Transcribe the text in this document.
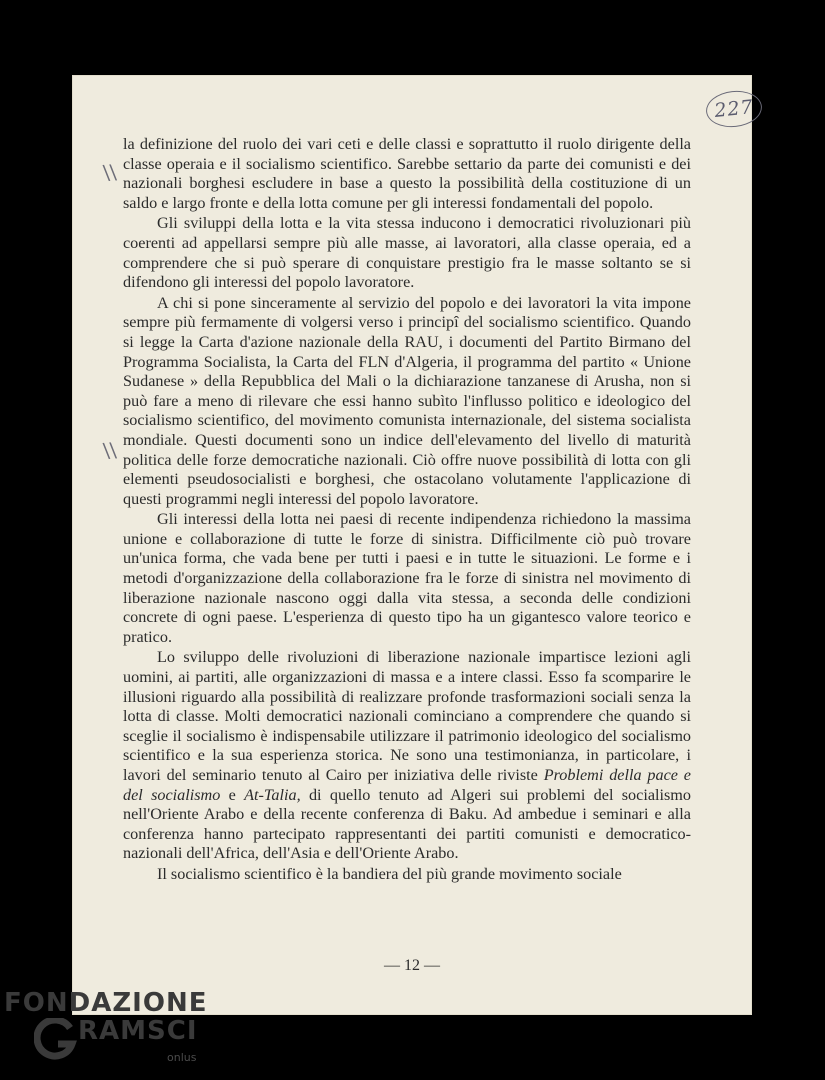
227
\\
\\

la definizione del ruolo dei vari ceti e delle classi e soprattutto il ruolo dirigente della classe operaia e il socialismo scientifico. Sarebbe settario da parte dei comunisti e dei nazionali borghesi escludere in base a questo la possibilità della costituzione di un saldo e largo fronte e della lotta comune per gli interessi fondamentali del popolo.

Gli sviluppi della lotta e la vita stessa inducono i democratici rivoluzionari più coerenti ad appellarsi sempre più alle masse, ai lavoratori, alla classe operaia, ed a comprendere che si può sperare di conquistare prestigio fra le masse soltanto se si difendono gli interessi del popolo lavoratore.

A chi si pone sinceramente al servizio del popolo e dei lavoratori la vita impone sempre più fermamente di volgersi verso i principî del socialismo scientifico. Quando si legge la Carta d'azione nazionale della RAU, i documenti del Partito Birmano del Programma Socialista, la Carta del FLN d'Algeria, il programma del partito « Unione Sudanese » della Repubblica del Mali o la dichiarazione tanzanese di Arusha, non si può fare a meno di rilevare che essi hanno subìto l'influsso politico e ideologico del socialismo scientifico, del movimento comunista internazionale, del sistema socialista mondiale. Questi documenti sono un indice dell'elevamento del livello di maturità politica delle forze democratiche nazionali. Ciò offre nuove possibilità di lotta con gli elementi pseudosocialisti e borghesi, che ostacolano volutamente l'applicazione di questi programmi negli interessi del popolo lavoratore.

Gli interessi della lotta nei paesi di recente indipendenza richiedono la massima unione e collaborazione di tutte le forze di sinistra. Difficilmente ciò può trovare un'unica forma, che vada bene per tutti i paesi e in tutte le situazioni. Le forme e i metodi d'organizzazione della collaborazione fra le forze di sinistra nel movimento di liberazione nazionale nascono oggi dalla vita stessa, a seconda delle condizioni concrete di ogni paese. L'esperienza di questo tipo ha un gigantesco valore teorico e pratico.

Lo sviluppo delle rivoluzioni di liberazione nazionale impartisce lezioni agli uomini, ai partiti, alle organizzazioni di massa e a intere classi. Esso fa scomparire le illusioni riguardo alla possibilità di realizzare profonde trasformazioni sociali senza la lotta di classe. Molti democratici nazionali cominciano a comprendere che quando si sceglie il socialismo è indispensabile utilizzare il patrimonio ideologico del socialismo scientifico e la sua esperienza storica. Ne sono una testimonianza, in particolare, i lavori del seminario tenuto al Cairo per iniziativa delle riviste Problemi della pace e del socialismo e At-Talia, di quello tenuto ad Algeri sui problemi del socialismo nell'Oriente Arabo e della recente conferenza di Baku. Ad ambedue i seminari e alla conferenza hanno partecipato rappresentanti dei partiti comunisti e democratico-nazionali dell'Africa, dell'Asia e dell'Oriente Arabo.

Il socialismo scientifico è la bandiera del più grande movimento sociale

— 12 —
FONDAZIONE
RAMSCI
onlus
